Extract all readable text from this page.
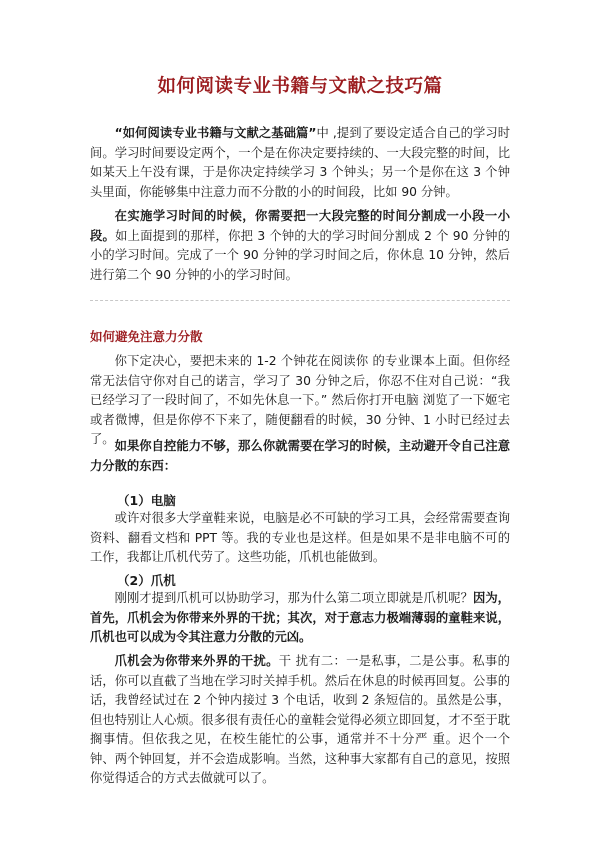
如何阅读专业书籍与文献之技巧篇

“如何阅读专业书籍与文献之基础篇”中 ,提到了要设定适合自己的学习时间。学习时间要设定两个，一个是在你决定要持续的、一大段完整的时间，比如某天上午没有课，于是你决定持续学习 3 个钟头；另一个是你在这 3 个钟头里面，你能够集中注意力而不分散的小的时间段，比如 90 分钟。

在实施学习时间的时候，你需要把一大段完整的时间分割成一小段一小段。如上面提到的那样，你把 3 个钟的大的学习时间分割成 2 个 90 分钟的小的学习时间。完成了一个 90 分钟的学习时间之后，你休息 10 分钟，然后进行第二个 90 分钟的小的学习时间。

如何避免注意力分散

你下定决心，要把未来的 1-2 个钟花在阅读你 的专业课本上面。但你经常无法信守你对自己的诺言，学习了 30 分钟之后，你忍不住对自己说：“我已经学习了一段时间了，不如先休息一下。” 然后你打开电脑 浏览了一下姬宅或者微博，但是你停不下来了，随便翻看的时候，30 分钟、1 小时已经过去了。 如果你自控能力不够，那么你就需要在学习的时候，主动避开令自己注意力分散的东西：

（1）电脑

或许对很多大学童鞋来说，电脑是必不可缺的学习工具，会经常需要查询资料、翻看文档和 PPT 等。我的专业也是这样。但是如果不是非电脑不可的工作，我都让爪机代劳了。这些功能，爪机也能做到。

（2）爪机

刚刚才提到爪机可以协助学习，那为什么第二项立即就是爪机呢？因为，首先，爪机会为你带来外界的干扰；其次，对于意志力极端薄弱的童鞋来说，爪机也可以成为令其注意力分散的元凶。

爪机会为你带来外界的干扰。干 扰有二：一是私事，二是公事。私事的话，你可以直截了当地在学习时关掉手机。然后在休息的时候再回复。公事的话，我曾经试过在 2 个钟内接过 3 个电话，收到 2 条短信的。虽然是公事，但也特别让人心烦。很多很有责任心的童鞋会觉得必须立即回复，才不至于耽搁事情。但依我之见，在校生能忙的公事，通常并不十分严 重。迟个一个钟、两个钟回复，并不会造成影响。当然，这种事大家都有自己的意见，按照你觉得适合的方式去做就可以了。
